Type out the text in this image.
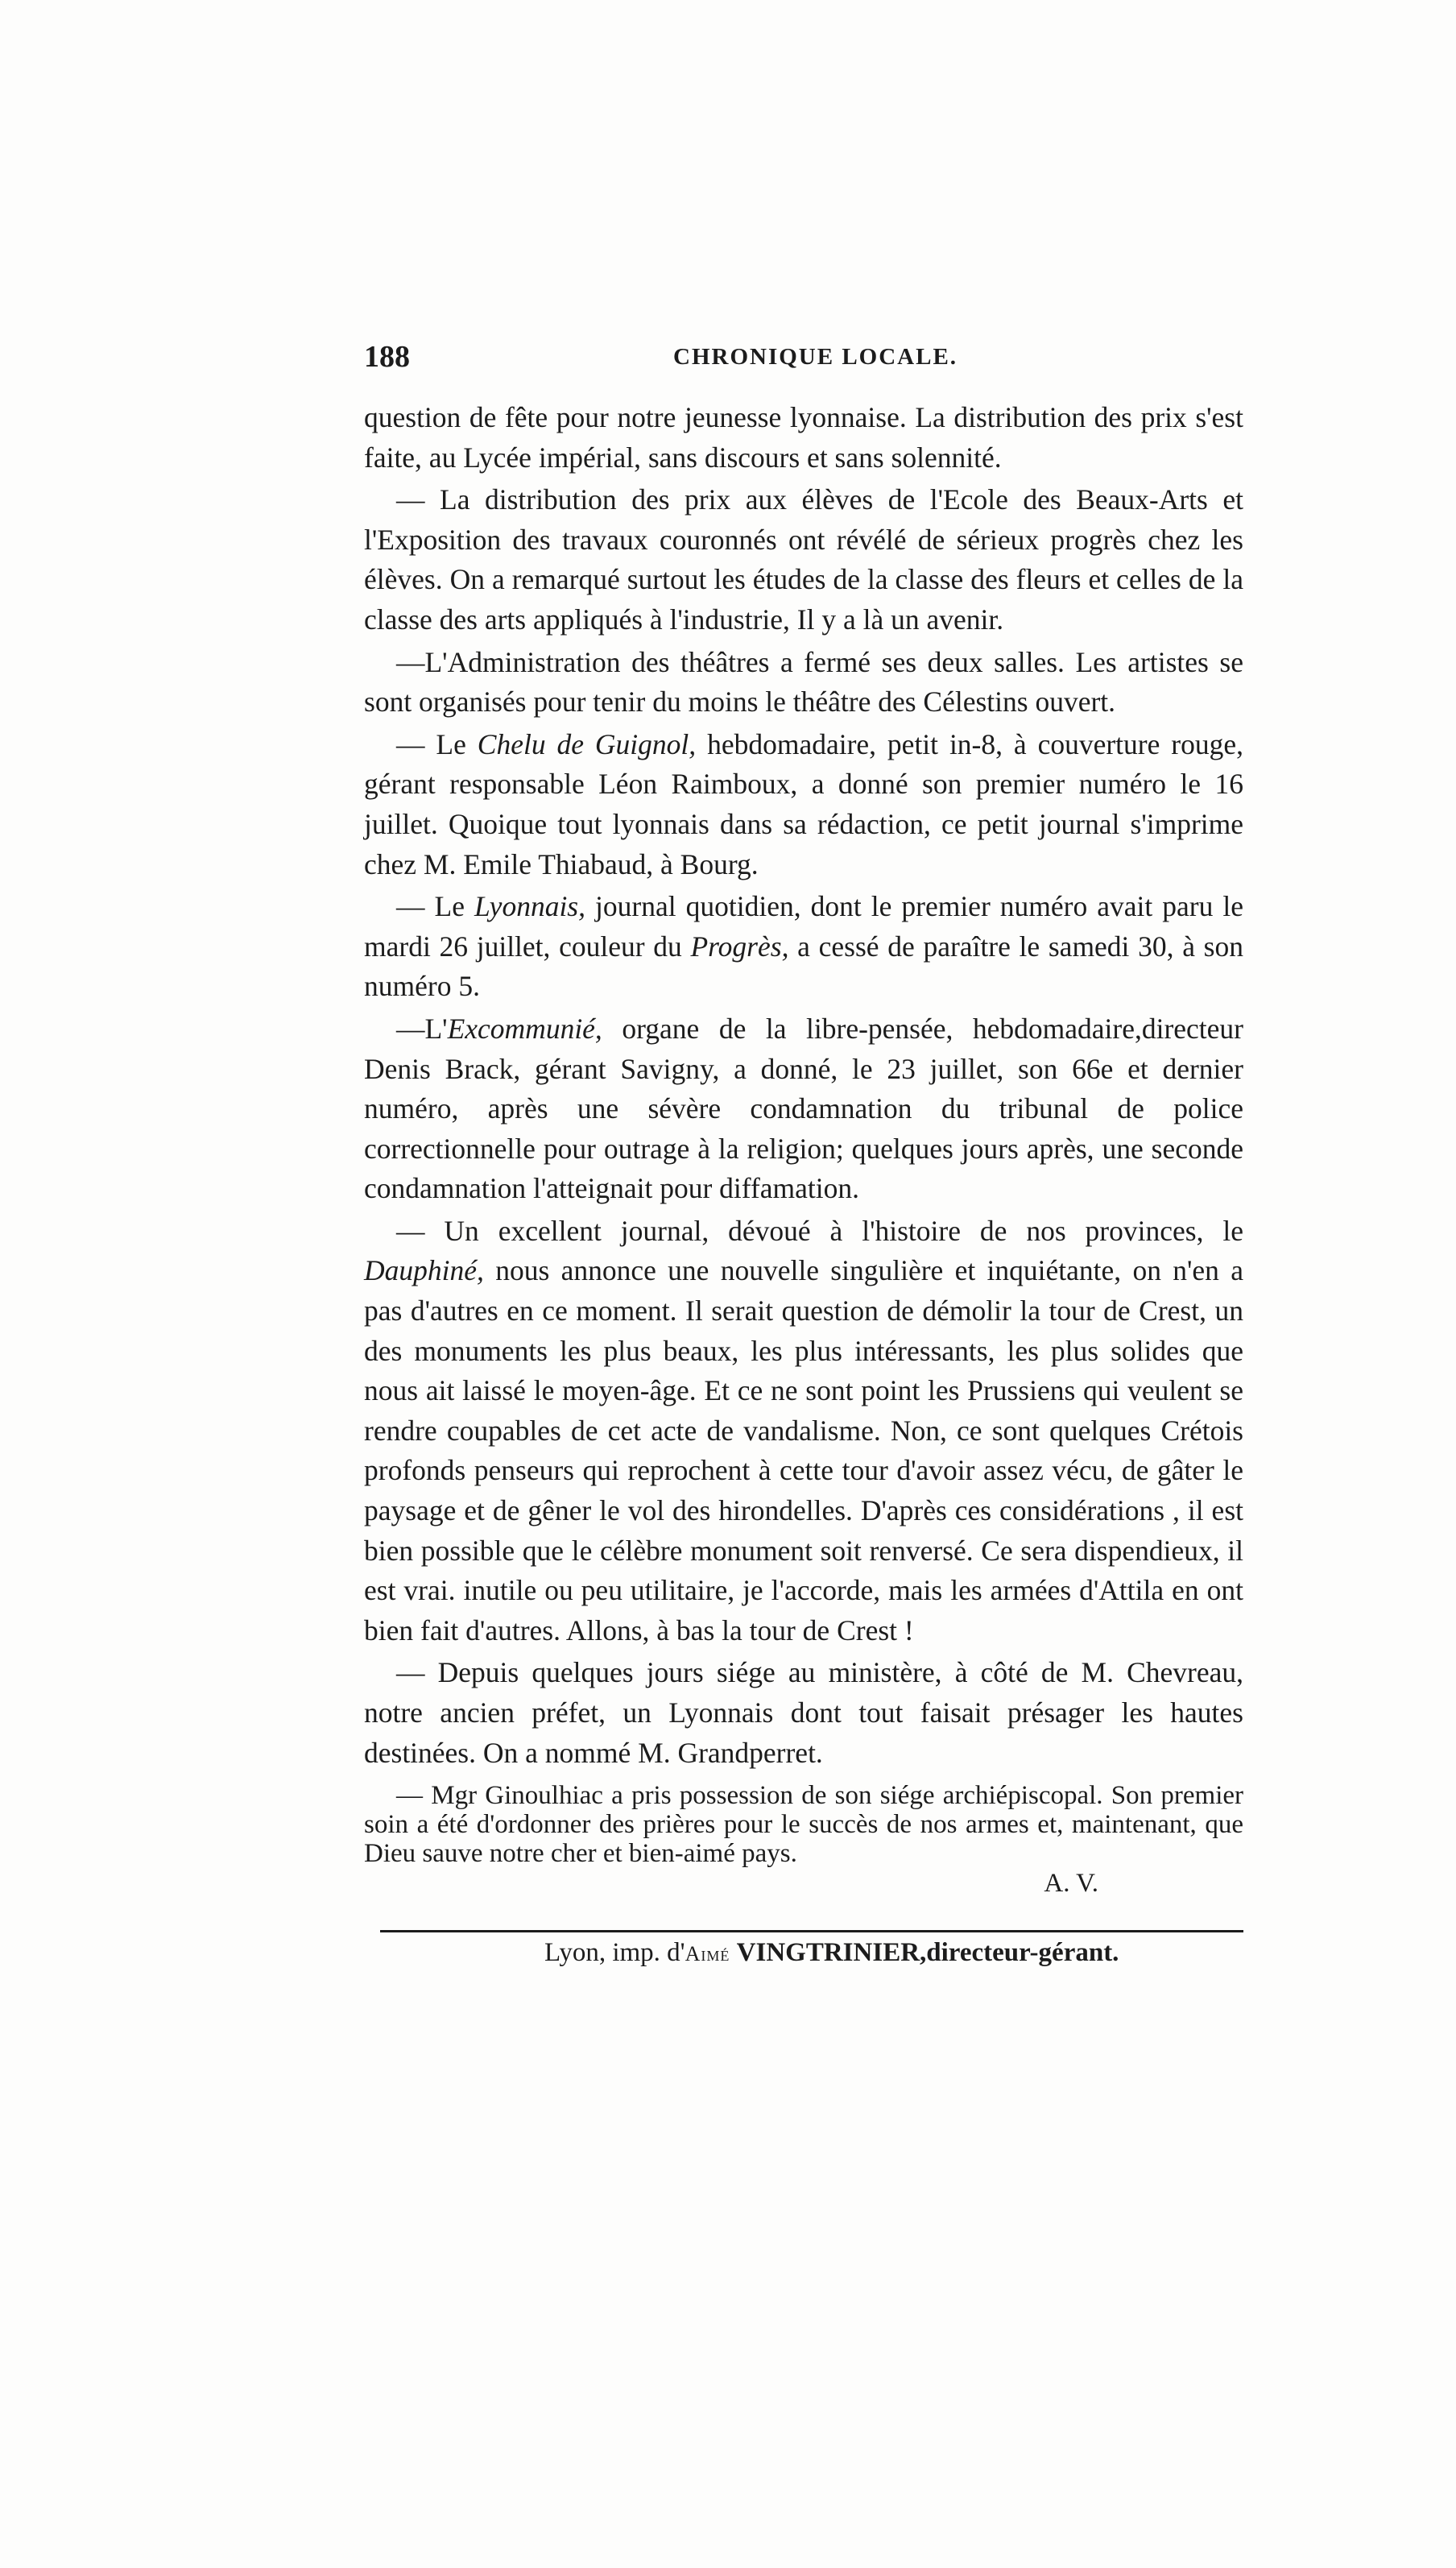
188	CHRONIQUE LOCALE.

question de fête pour notre jeunesse lyonnaise. La distribution des prix s'est faite, au Lycée impérial, sans discours et sans solennité.

— La distribution des prix aux élèves de l'Ecole des Beaux-Arts et l'Exposition des travaux couronnés ont révélé de sérieux progrès chez les élèves. On a remarqué surtout les études de la classe des fleurs et celles de la classe des arts appliqués à l'industrie, Il y a là un avenir.

—L'Administration des théâtres a fermé ses deux salles. Les artistes se sont organisés pour tenir du moins le théâtre des Célestins ouvert.

— Le Chelu de Guignol, hebdomadaire, petit in-8, à couverture rouge, gérant responsable Léon Raimboux, a donné son premier numéro le 16 juillet. Quoique tout lyonnais dans sa rédaction, ce petit journal s'imprime chez M. Emile Thiabaud, à Bourg.

— Le Lyonnais, journal quotidien, dont le premier numéro avait paru le mardi 26 juillet, couleur du Progrès, a cessé de paraître le samedi 30, à son numéro 5.

—L'Excommunié, organe de la libre-pensée, hebdomadaire,directeur Denis Brack, gérant Savigny, a donné, le 23 juillet, son 66e et dernier numéro, après une sévère condamnation du tribunal de police correctionnelle pour outrage à la religion; quelques jours après, une seconde condamnation l'atteignait pour diffamation.

— Un excellent journal, dévoué à l'histoire de nos provinces, le Dauphiné, nous annonce une nouvelle singulière et inquiétante, on n'en a pas d'autres en ce moment. Il serait question de démolir la tour de Crest, un des monuments les plus beaux, les plus intéressants, les plus solides que nous ait laissé le moyen-âge. Et ce ne sont point les Prussiens qui veulent se rendre coupables de cet acte de vandalisme. Non, ce sont quelques Crétois profonds penseurs qui reprochent à cette tour d'avoir assez vécu, de gâter le paysage et de gêner le vol des hirondelles. D'après ces considérations , il est bien possible que le célèbre monument soit renversé. Ce sera dispendieux, il est vrai. inutile ou peu utilitaire, je l'accorde, mais les armées d'Attila en ont bien fait d'autres. Allons, à bas la tour de Crest !

— Depuis quelques jours siége au ministère, à côté de M. Chevreau, notre ancien préfet, un Lyonnais dont tout faisait présager les hautes destinées. On a nommé M. Grandperret.

— Mgr Ginoulhiac a pris possession de son siége archiépiscopal. Son premier soin a été d'ordonner des prières pour le succès de nos armes et, maintenant, que Dieu sauve notre cher et bien-aimé pays.

A. V.
Lyon, imp. d'Aimé VINGTRINIER,directeur-gérant.
